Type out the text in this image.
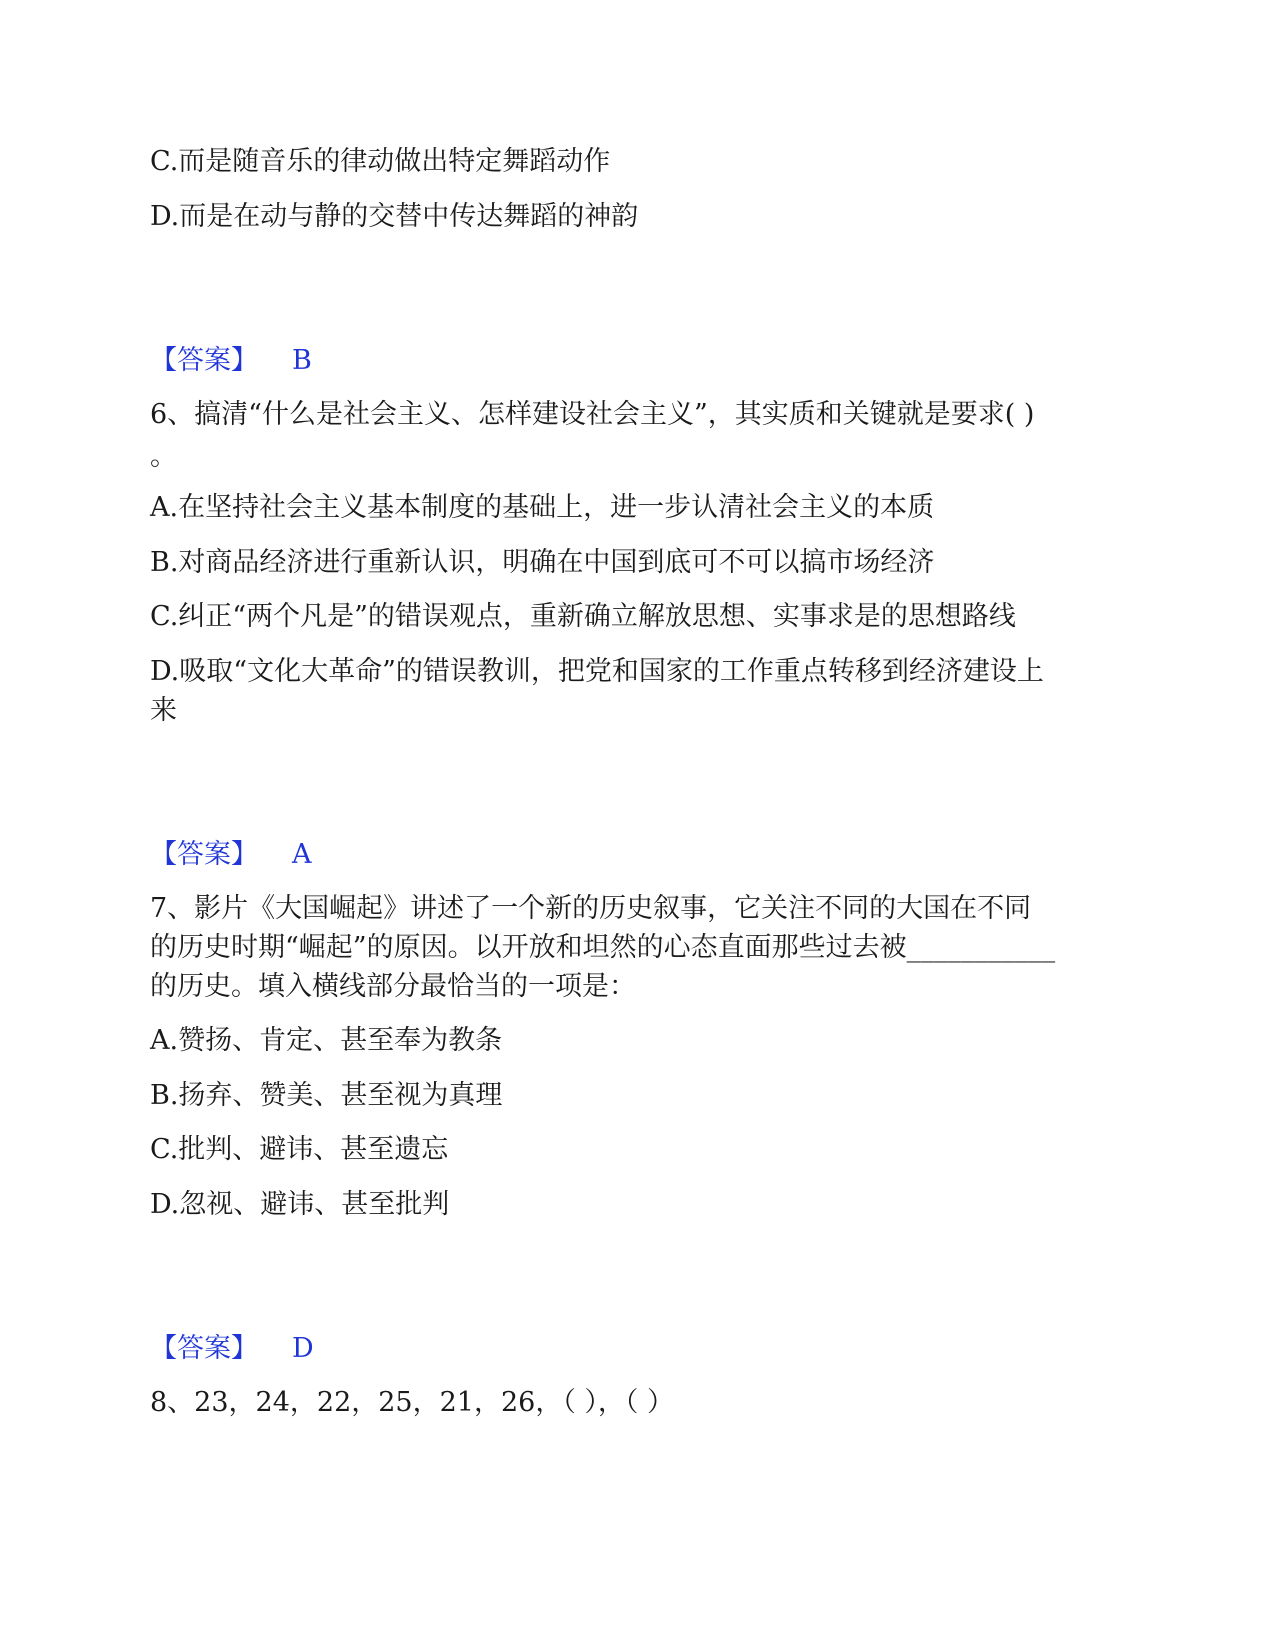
C.而是随音乐的律动做出特定舞蹈动作
D.而是在动与静的交替中传达舞蹈的神韵
【答案】 B
6、搞清“什么是社会主义、怎样建设社会主义”，其实质和关键就是要求( )
。
A.在坚持社会主义基本制度的基础上，进一步认清社会主义的本质
B.对商品经济进行重新认识，明确在中国到底可不可以搞市场经济
C.纠正“两个凡是”的错误观点，重新确立解放思想、实事求是的思想路线
D.吸取“文化大革命”的错误教训，把党和国家的工作重点转移到经济建设上
来
【答案】 A
7、影片《大国崛起》讲述了一个新的历史叙事，它关注不同的大国在不同
的历史时期“崛起”的原因。以开放和坦然的心态直面那些过去被___________
的历史。填入横线部分最恰当的一项是：
A.赞扬、肯定、甚至奉为教条
B.扬弃、赞美、甚至视为真理
C.批判、避讳、甚至遗忘
D.忽视、避讳、甚至批判
【答案】 D
8、23，24，22，25，21，26，（ ），（ ）
